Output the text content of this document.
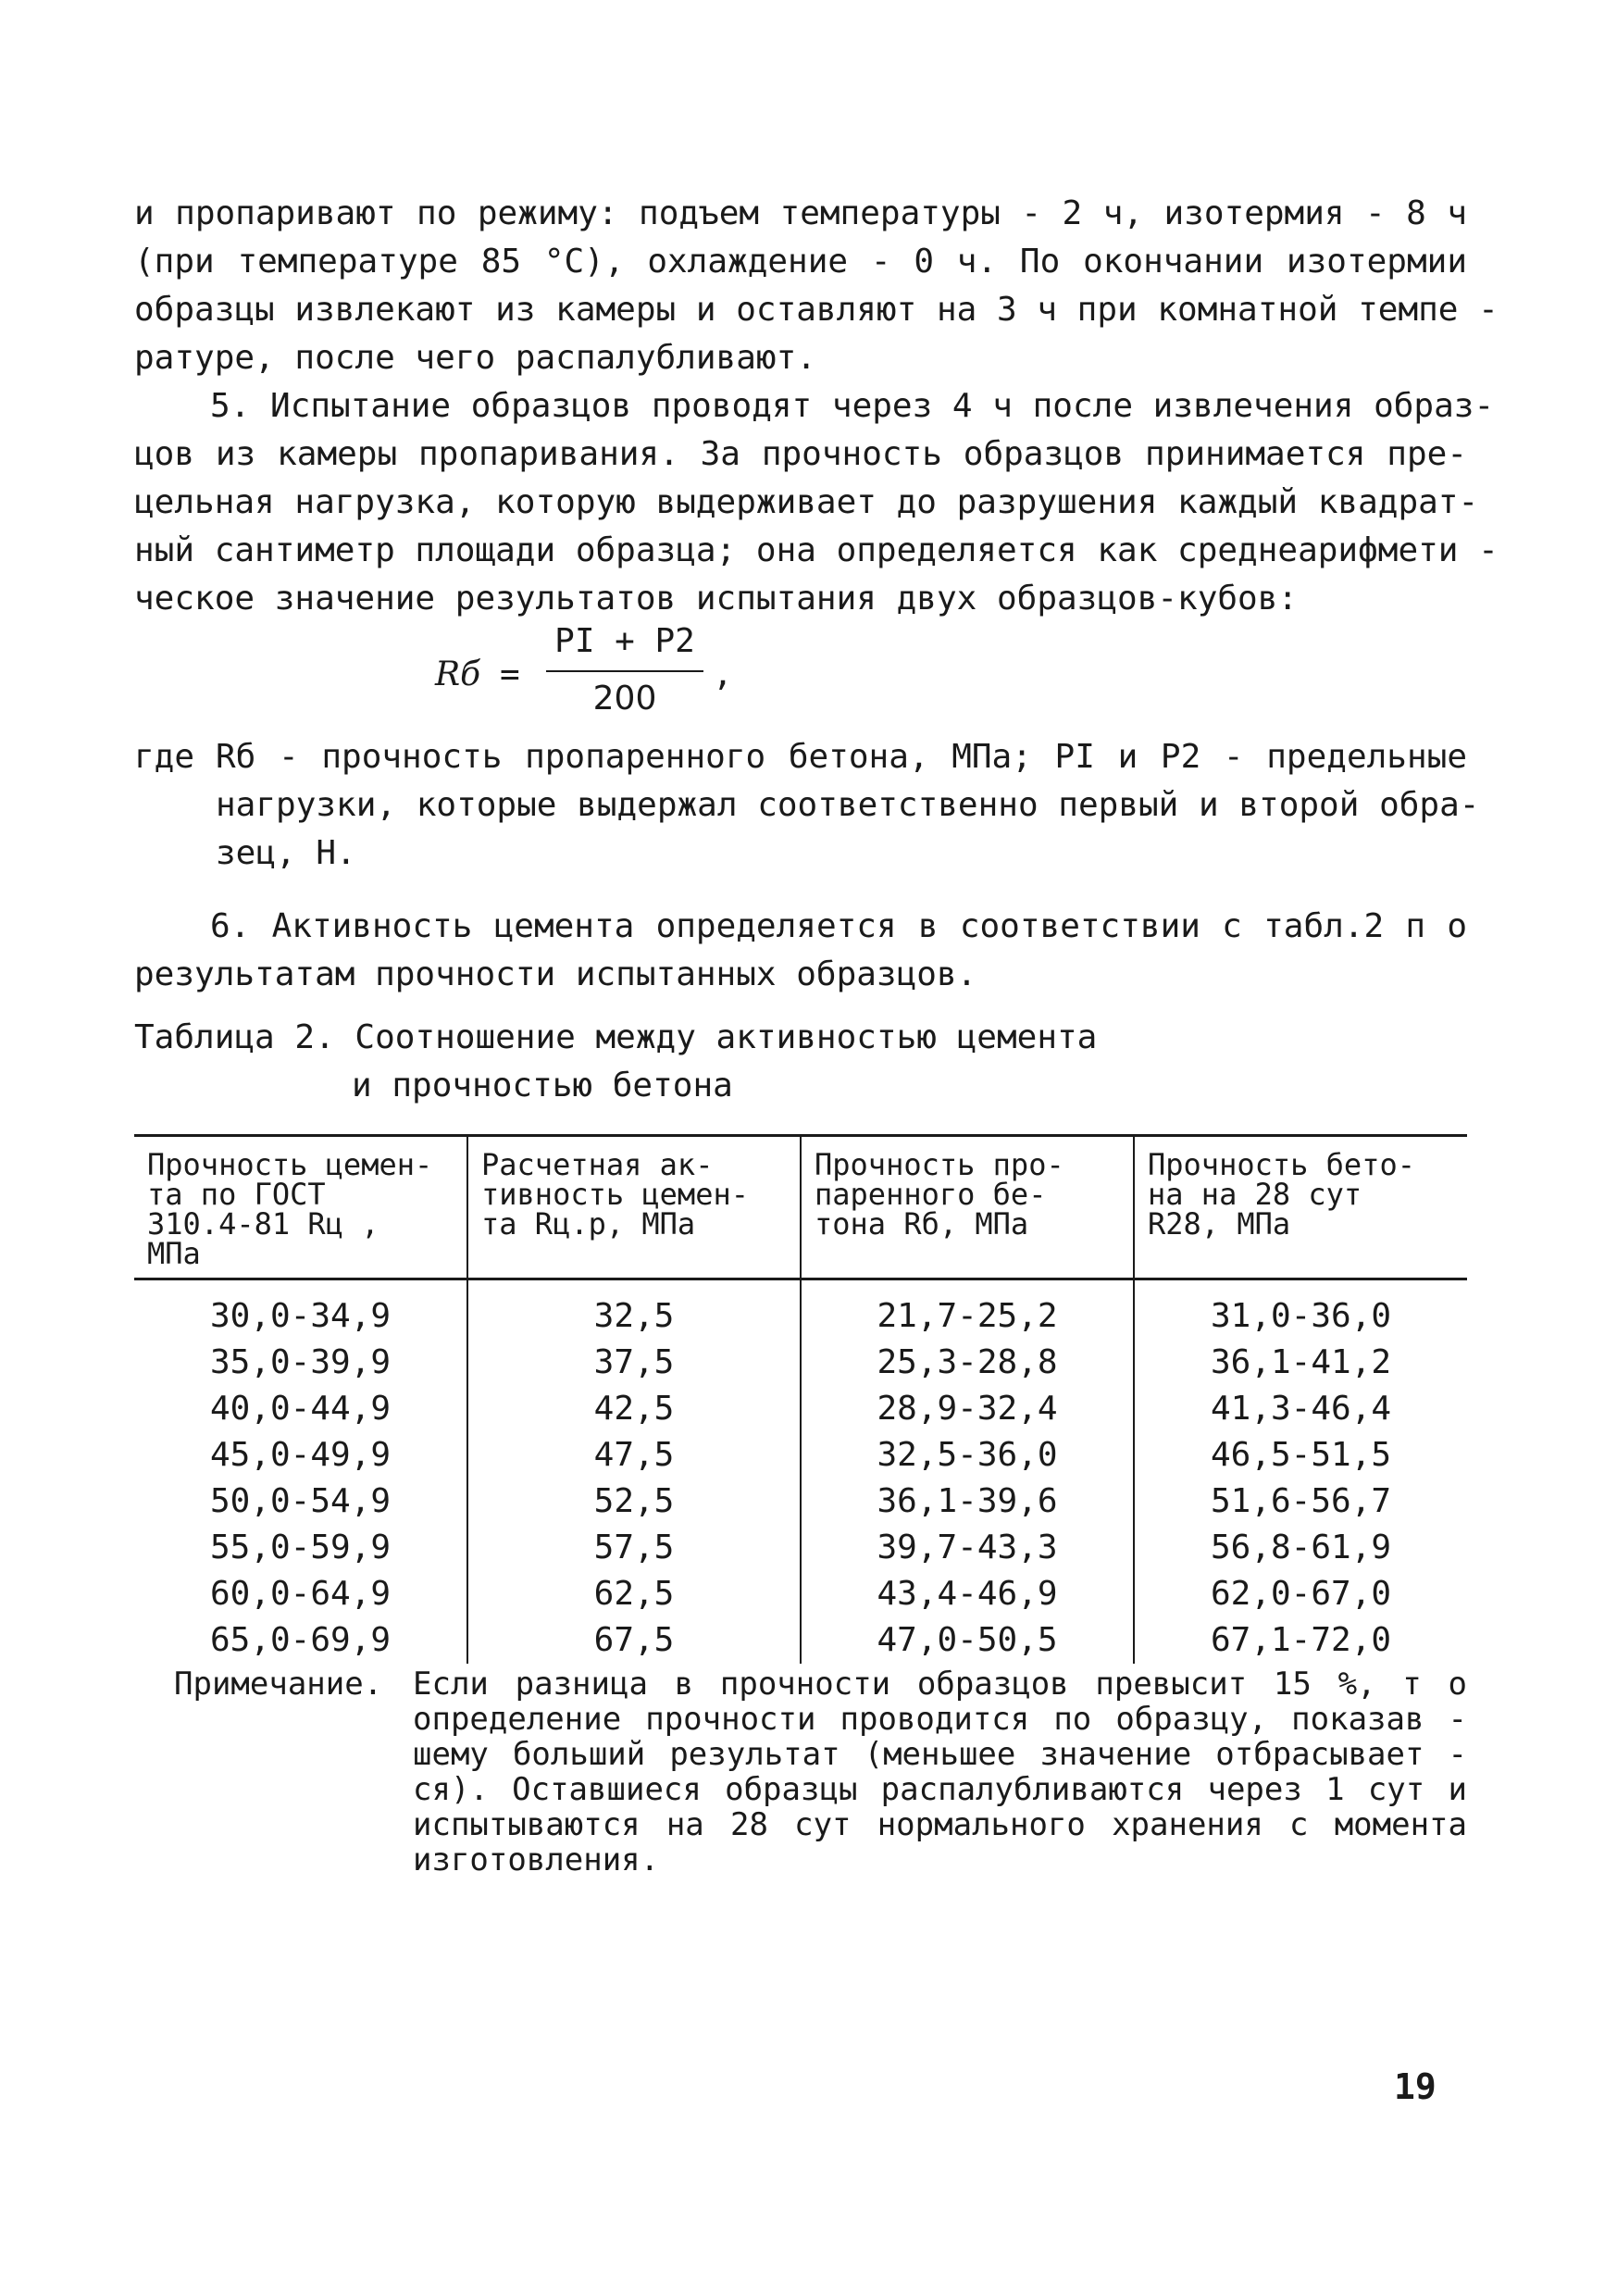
и пропаривают по режиму: подъем температуры - 2 ч, изотермия - 8 ч
(при температуре 85 °С), охлаждение - 0 ч. По окончании изотермии
образцы извлекают из камеры и оставляют на 3 ч при комнатной темпе -
ратуре, после чего распалубливают.
5. Испытание образцов проводят через 4 ч после извлечения образ-
цов из камеры пропаривания. За прочность образцов принимается пре-
цельная нагрузка, которую выдерживает до разрушения каждый квадрат-
ный сантиметр площади образца; она определяется как среднеарифмети -
ческое значение результатов испытания двух образцов-кубов:
Rб =
PI + P2
200
,
где Rб - прочность пропаренного бетона, МПа; PI и P2 - предельные
нагрузки, которые выдержал соответственно первый и второй обра-
зец, Н.
6. Активность цемента определяется в соответствии с табл.2 п о
результатам прочности испытанных образцов.
Таблица 2. Соотношение между активностью цемента
и прочностью бетона
Прочность цемен-
та по ГОСТ
310.4-81 Rц ,
МПа	Расчетная ак-
тивность цемен-
та Rц.р, МПа	Прочность про-
паренного бе-
тона Rб, МПа	Прочность бето-
на на 28 сут
R28, МПа
30,0-34,9	32,5	21,7-25,2	31,0-36,0
35,0-39,9	37,5	25,3-28,8	36,1-41,2
40,0-44,9	42,5	28,9-32,4	41,3-46,4
45,0-49,9	47,5	32,5-36,0	46,5-51,5
50,0-54,9	52,5	36,1-39,6	51,6-56,7
55,0-59,9	57,5	39,7-43,3	56,8-61,9
60,0-64,9	62,5	43,4-46,9	62,0-67,0
65,0-69,9	67,5	47,0-50,5	67,1-72,0
Примечание. Если разница в прочности образцов превысит 15 %, т о
определение прочности проводится по образцу, показав -
шему больший результат (меньшее значение отбрасывает -
ся). Оставшиеся образцы распалубливаются через 1 сут и
испытываются на 28 сут нормального хранения с момента
изготовления.
19
